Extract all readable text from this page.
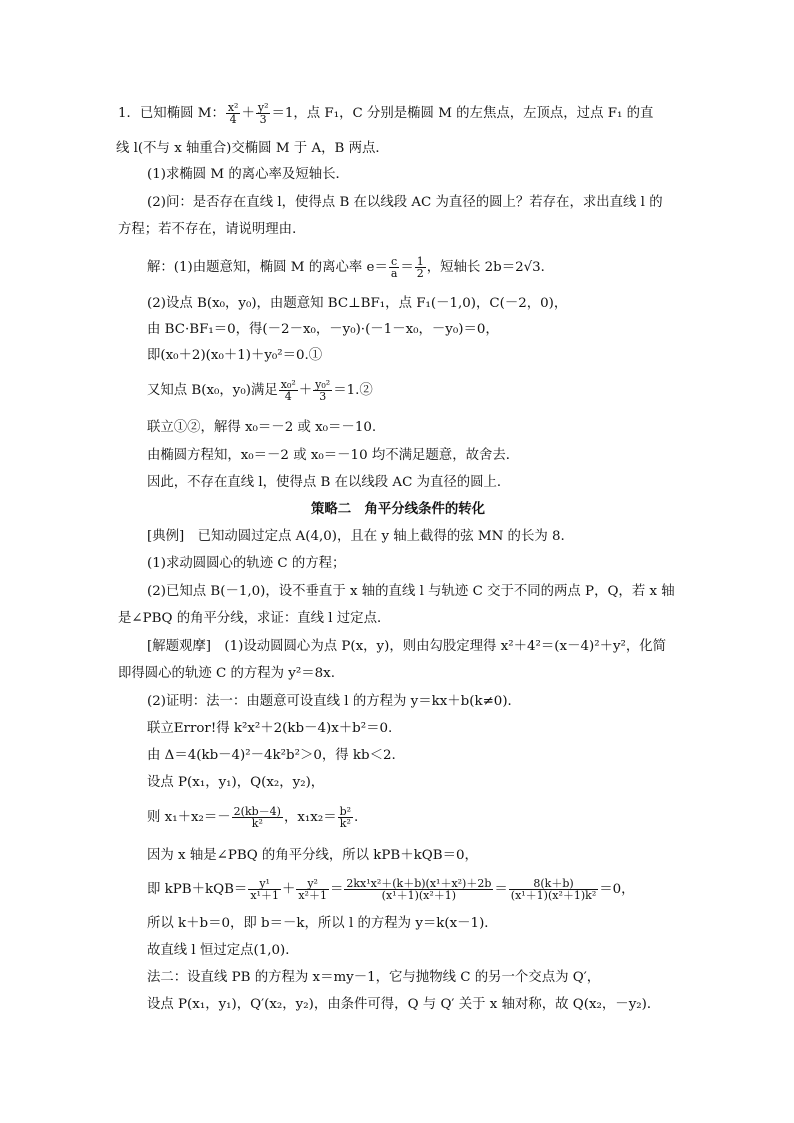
1．已知椭圆 M： $\frac{\text{x²}}{4} + \frac{\text{y²}}{3} =1$，点 F₁，C 分别是椭圆 M 的左焦点，左顶点，过点 F₁ 的直
线 l(不与 x 轴重合)交椭圆 M 于 A，B 两点．
(1)求椭圆 M 的离心率及短轴长．
(2)问：是否存在直线 l，使得点 B 在以线段 AC 为直径的圆上？若存在，求出直线 l 的
方程；若不存在，请说明理由．
解：(1)由题意知，椭圆 M 的离心率 $e= \frac{c}{a} = \frac{1}{2}$ ，短轴长 2b＝2√3．
(2)设点 B(x₀，y₀)，由题意知 BC⊥BF₁，点 F₁(－1,0)，C(－2，0)，
由 BC·BF₁＝0，得(－2－x₀，－y₀)·(－1－x₀，－y₀)＝0，
即(x₀＋2)(x₀＋1)＋y₀²＝0.①
又知点 B(x₀，y₀)满足 $\frac{\text{x₀²}}{4} + \frac{\text{y₀²}}{3}$ ＝1.②
联立①②，解得 x₀＝－2 或 x₀＝－10.
由椭圆方程知，x₀＝－2 或 x₀＝－10 均不满足题意，故舍去．
因此，不存在直线 l，使得点 B 在以线段 AC 为直径的圆上．
策略二　角平分线条件的转化
[典例]　已知动圆过定点 A(4,0)，且在 y 轴上截得的弦 MN 的长为 8.
(1)求动圆圆心的轨迹 C 的方程；
(2)已知点 B(－1,0)，设不垂直于 x 轴的直线 l 与轨迹 C 交于不同的两点 P，Q，若 x 轴
是∠PBQ 的角平分线，求证：直线 l 过定点．
[解题观摩]　(1)设动圆圆心为点 P(x，y)，则由勾股定理得 x²＋4²＝(x－4)²＋y²，化简
即得圆心的轨迹 C 的方程为 y²＝8x.
(2)证明：法一：由题意可设直线 l 的方程为 y＝kx＋b(k≠0)．
联立Error!得 k²x²＋2(kb－4)x＋b²＝0.
由 Δ＝4(kb－4)²－4k²b²＞0，得 kb＜2.
设点 P(x₁，y₁)，Q(x₂，y₂)，
则 $x_1+x_2=- \frac{2(kb-4)}{\text{k²}}$ ，$x_1x_2= \frac{\text{b²}}{\text{k²}}$ .
因为 x 轴是∠PBQ 的角平分线，所以 kPB＋kQB＝0，
即 $kPB+kQB= \frac{\text{y¹}}{\text{x¹＋1}} + \frac{\text{y²}}{\text{x²＋1}} = \frac{\text{2kx¹x²＋(k＋b)(x¹＋x²)＋2b}}{\text{(x¹＋1)(x²＋1)}} = \frac{8(k+b)}{\text{(x¹＋1)(x²＋1)k²}} =0$，
所以 k＋b＝0，即 b＝－k，所以 l 的方程为 y＝k(x－1)．
故直线 l 恒过定点(1,0)．
法二：设直线 PB 的方程为 x＝my－1，它与抛物线 C 的另一个交点为 Q′，
设点 P(x₁，y₁)，Q′(x₂，y₂)，由条件可得，Q 与 Q′ 关于 x 轴对称，故 Q(x₂，－y₂)．
